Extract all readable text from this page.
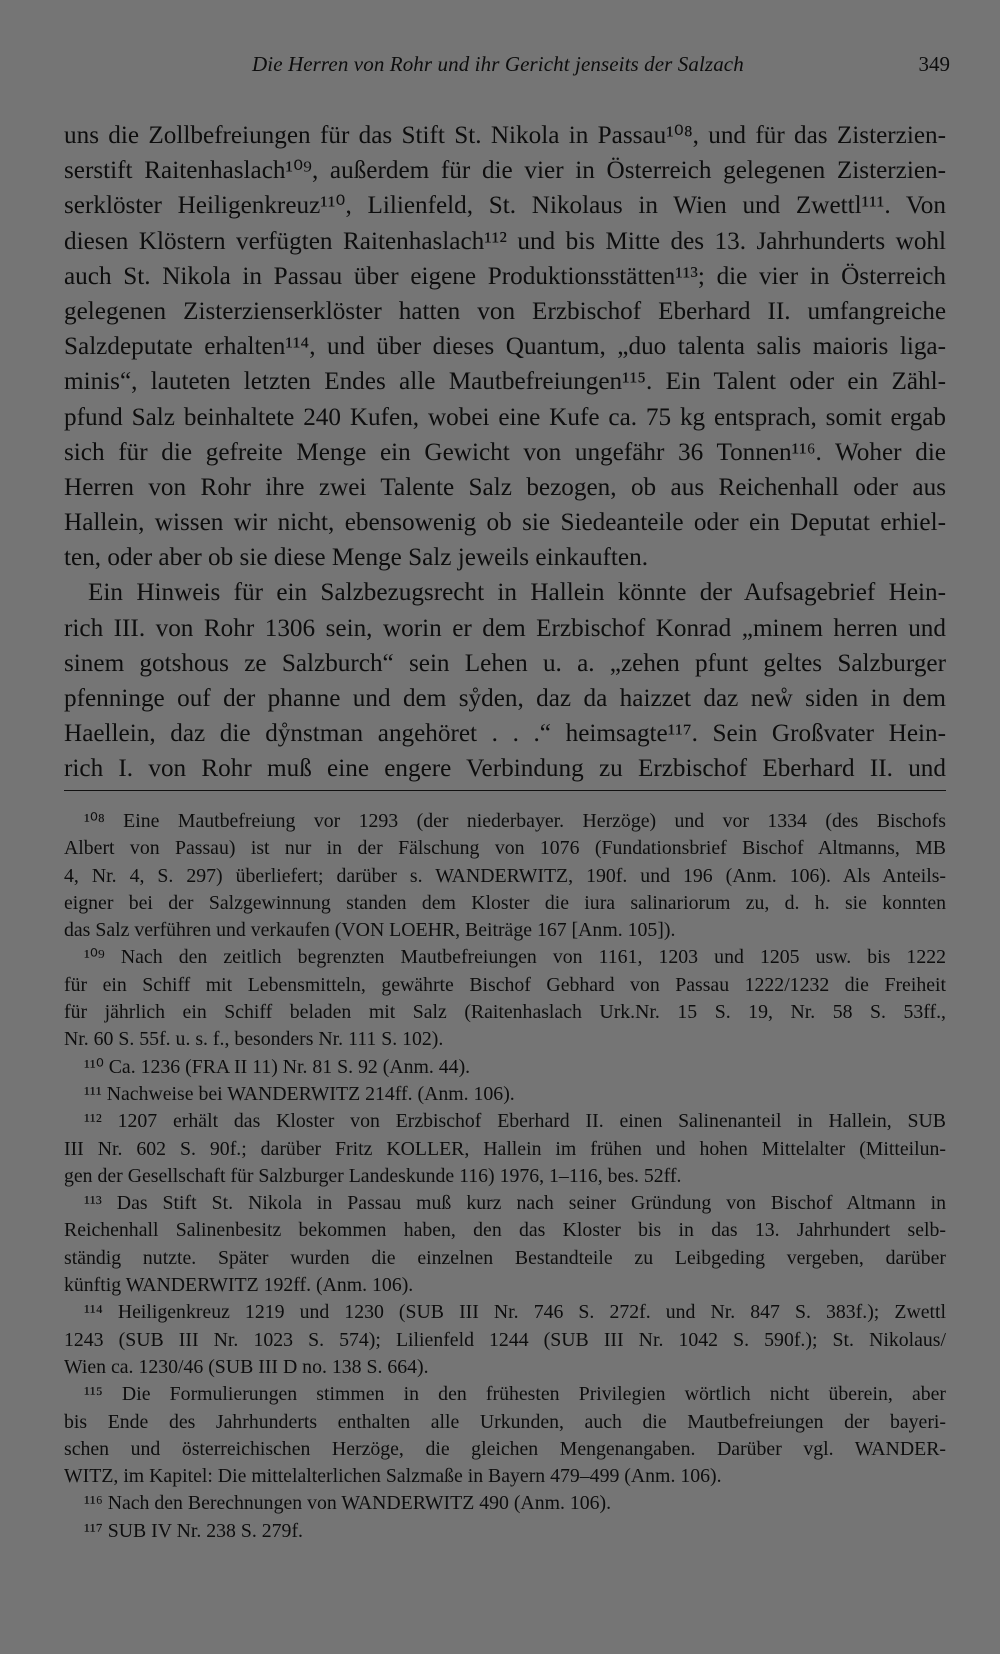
Die Herren von Rohr und ihr Gericht jenseits der Salzach	349
uns die Zollbefreiungen für das Stift St. Nikola in Passau¹⁰⁸, und für das Zisterzien-
serstift Raitenhaslach¹⁰⁹, außerdem für die vier in Österreich gelegenen Zisterzien-
serklöster Heiligenkreuz¹¹⁰, Lilienfeld, St. Nikolaus in Wien und Zwettl¹¹¹. Von
diesen Klöstern verfügten Raitenhaslach¹¹² und bis Mitte des 13. Jahrhunderts wohl
auch St. Nikola in Passau über eigene Produktionsstätten¹¹³; die vier in Österreich
gelegenen Zisterzienserklöster hatten von Erzbischof Eberhard II. umfangreiche
Salzdeputate erhalten¹¹⁴, und über dieses Quantum, „duo talenta salis maioris liga-
minis“, lauteten letzten Endes alle Mautbefreiungen¹¹⁵. Ein Talent oder ein Zähl-
pfund Salz beinhaltete 240 Kufen, wobei eine Kufe ca. 75 kg entsprach, somit ergab
sich für die gefreite Menge ein Gewicht von ungefähr 36 Tonnen¹¹⁶. Woher die
Herren von Rohr ihre zwei Talente Salz bezogen, ob aus Reichenhall oder aus
Hallein, wissen wir nicht, ebensowenig ob sie Siedeanteile oder ein Deputat erhiel-
ten, oder aber ob sie diese Menge Salz jeweils einkauften.
Ein Hinweis für ein Salzbezugsrecht in Hallein könnte der Aufsagebrief Hein-
rich III. von Rohr 1306 sein, worin er dem Erzbischof Konrad „minem herren und
sinem gotshous ze Salzburch“ sein Lehen u. a. „zehen pfunt geltes Salzburger
pfenninge ouf der phanne und dem sẙden, daz da haizzet daz neẘ siden in dem
Haellein, daz die dẙnstman angehöret . . .“ heimsagte¹¹⁷. Sein Großvater Hein-
rich I. von Rohr muß eine engere Verbindung zu Erzbischof Eberhard II. und
¹⁰⁸ Eine Mautbefreiung vor 1293 (der niederbayer. Herzöge) und vor 1334 (des Bischofs
Albert von Passau) ist nur in der Fälschung von 1076 (Fundationsbrief Bischof Altmanns, MB
4, Nr. 4, S. 297) überliefert; darüber s. WANDERWITZ, 190f. und 196 (Anm. 106). Als Anteils-
eigner bei der Salzgewinnung standen dem Kloster die iura salinariorum zu, d. h. sie konnten
das Salz verführen und verkaufen (VON LOEHR, Beiträge 167 [Anm. 105]).
¹⁰⁹ Nach den zeitlich begrenzten Mautbefreiungen von 1161, 1203 und 1205 usw. bis 1222
für ein Schiff mit Lebensmitteln, gewährte Bischof Gebhard von Passau 1222/1232 die Freiheit
für jährlich ein Schiff beladen mit Salz (Raitenhaslach Urk.Nr. 15 S. 19, Nr. 58 S. 53ff.,
Nr. 60 S. 55f. u. s. f., besonders Nr. 111 S. 102).
¹¹⁰ Ca. 1236 (FRA II 11) Nr. 81 S. 92 (Anm. 44).
¹¹¹ Nachweise bei WANDERWITZ 214ff. (Anm. 106).
¹¹² 1207 erhält das Kloster von Erzbischof Eberhard II. einen Salinenanteil in Hallein, SUB
III Nr. 602 S. 90f.; darüber Fritz KOLLER, Hallein im frühen und hohen Mittelalter (Mitteilun-
gen der Gesellschaft für Salzburger Landeskunde 116) 1976, 1–116, bes. 52ff.
¹¹³ Das Stift St. Nikola in Passau muß kurz nach seiner Gründung von Bischof Altmann in
Reichenhall Salinenbesitz bekommen haben, den das Kloster bis in das 13. Jahrhundert selb-
ständig nutzte. Später wurden die einzelnen Bestandteile zu Leibgeding vergeben, darüber
künftig WANDERWITZ 192ff. (Anm. 106).
¹¹⁴ Heiligenkreuz 1219 und 1230 (SUB III Nr. 746 S. 272f. und Nr. 847 S. 383f.); Zwettl
1243 (SUB III Nr. 1023 S. 574); Lilienfeld 1244 (SUB III Nr. 1042 S. 590f.); St. Nikolaus/
Wien ca. 1230/46 (SUB III D no. 138 S. 664).
¹¹⁵ Die Formulierungen stimmen in den frühesten Privilegien wörtlich nicht überein, aber
bis Ende des Jahrhunderts enthalten alle Urkunden, auch die Mautbefreiungen der bayeri-
schen und österreichischen Herzöge, die gleichen Mengenangaben. Darüber vgl. WANDER-
WITZ, im Kapitel: Die mittelalterlichen Salzmaße in Bayern 479–499 (Anm. 106).
¹¹⁶ Nach den Berechnungen von WANDERWITZ 490 (Anm. 106).
¹¹⁷ SUB IV Nr. 238 S. 279f.
